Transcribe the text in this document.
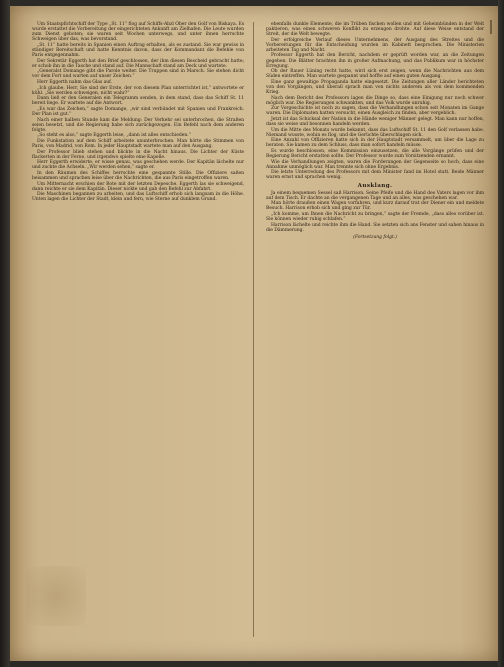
Um Staatspfichtschiff der Type „St. 11“ flog auf Schiffs-Abzl Ober den Golf von Biskaya. Es wurde erstattet die Vorbereitung der eingerichteten Ankunft am Zielhafen. Die Leute wurden zum Dienst geboten; sie waren seit Wochen unterwegs, und unter ihnen herrschte Schweigen über das, was bevorstand.

„St. 11“ hatte bereits in Spanien einen Auftrag erhalten, als es zustand. Sie war gewiss in ständiger Bereitschaft und hatte Kenntnis davon, dass der Kommandant die Befehle von Paris entgegennahm.

Der Sekretär Eggerth hat den Brief geschlossen, der ihm diesen Bescheid gebracht hatte; er schob ihn in die Tasche und stand auf. Die Mannschaft stand am Deck und wartete.

„Generalst Domange gibt die Parole weiter. Die Truppen sind in Marsch. Sie stehen dicht vor dem Fort und warten auf unser Zeichen.“

Herr Eggerth nahm das Glas auf.

„Ich glaube, Herr, Sie sind der Erste, der von diesem Plan unterrichtet ist,“ antwortete er kühl. „Sie werden schweigen, nicht wahr?“

Dann ließ er den Generalen ein Telegramm senden, in dem stand, dass das Schiff St. 11 bereit liege. Er wartete auf die Antwort.

„Es war das Zeichen,“ sagte Domange, „wir sind verbündet mit Spanien und Frankreich. Der Plan ist gut.“

Nach einer halben Stunde kam die Meldung: Der Verkehr sei unterbrochen, die Straßen seien besetzt, und die Regierung habe sich zurückgezogen. Ein Befehl nach dem anderen folgte.

„So steht es also,“ sagte Eggerth leise, „dann ist alles entschieden.“

Die Funkstation auf dem Schiff arbeitete ununterbrochen. Man hörte die Stimmen von Paris, von Madrid, von Rom. In jeder Hauptstadt wartete man auf den Ausgang.

Der Professor blieb stehen und blickte in die Nacht hinaus. Die Lichter der Küste flackerten in der Ferne, und irgendwo spielte eine Kapelle.

Herr Eggerth erwiderte, er wisse genau, was geschehen werde. Der Kapitän lächelte nur und zuckte die Achseln. „Wir werden sehen,“ sagte er.

In den Räumen des Schiffes herrschte eine gespannte Stille. Die Offiziere saßen beisammen und sprachen leise über die Nachrichten, die aus Paris eingetroffen waren.

Um Mitternacht erschien der Bote mit der letzten Depesche. Eggerth las sie schweigend, dann reichte er sie dem Kapitän. Dieser nickte und gab den Befehl zur Abfahrt.

Die Maschinen begannen zu arbeiten, und das Luftschiff erhob sich langsam in die Höhe. Unten lagen die Lichter der Stadt, klein und fern, wie Sterne auf dunklem Grund.

ebenfalls dunkle Elemente, die im Trüben fischen wollen und mit Geheimbünden in der Welt paktieren, was einen schweren Konflikt zu erzeugen drohte. Auf diese Weise entstand der Streit, der die Welt bewegte.

Der erfolgreiche Verlauf dieses Unternehmens, der Ausgang des Streites und die Vorbereitungen für die Entscheidung wurden im Kabinett besprochen. Die Ministerien arbeiteten Tag und Nacht.

Professor Eggerth hat den Bericht, nachdem er geprüft worden war, an die Zeitungen gegeben. Die Blätter brachten ihn in großer Aufmachung, und das Publikum war in höchster Erregung.

Ob der Bauer Lüning recht hatte, wird sich erst zeigen, wenn die Nachrichten aus dem Süden eintreffen. Man wartete gespannt und hoffte auf einen guten Ausgang.

Eine ganz gewaltige Propaganda hatte eingesetzt. Die Zeitungen aller Länder berichteten von den Vorgängen, und überall sprach man von nichts anderem als von dem kommenden Krieg.

Nach dem Bericht des Professors lagen die Dinge so, dass eine Einigung nur noch schwer möglich war. Die Regierungen schwankten, und das Volk wurde unruhig.

Zur Vorgeschichte ist noch zu sagen, dass die Verhandlungen schon seit Monaten im Gange waren. Die Diplomaten hatten versucht, einen Ausgleich zu finden, aber vergeblich.

Jetzt ist das Schicksal der Nation in die Hände weniger Männer gelegt. Man kann nur hoffen, dass sie weise und besonnen handeln werden.

Um die Mitte des Monats wurde bekannt, dass das Luftschiff St. 11 den Golf verlassen habe. Niemand wusste, wohin es flog, und die Gerüchte überschlugen sich.

Eine Anzahl von Offizieren hatte sich in der Hauptstadt versammelt, um über die Lage zu beraten. Sie kamen zu dem Schluss, dass man sofort handeln müsse.

Es wurde beschlossen, eine Kommission einzusetzen, die alle Vorgänge prüfen und der Regierung Bericht erstatten sollte. Der Professor wurde zum Vorsitzenden ernannt.

Wie die Verhandlungen zeigten, waren die Forderungen der Gegenseite so hoch, dass eine Annahme unmöglich war. Man trennte sich ohne Ergebnis.

Die letzte Unterredung des Professors mit dem Minister fand im Hotel statt. Beide Männer waren ernst und sprachen wenig.

Ausklang.

Ja einem bequemen Sessel saß Harrison. Seine Pfeife und die Hand des Vaters lagen vor ihm auf dem Tisch. Er dachte an die vergangenen Tage und an alles, was geschehen war.

Man hörte draußen einen Wagen vorfahren, und kurz darauf trat der Diener ein und meldete Besuch. Harrison erhob sich und ging zur Tür.

„Ich komme, um Ihnen die Nachricht zu bringen,“ sagte der Fremde, „dass alles vorüber ist. Sie können wieder ruhig schlafen.“

Harrison lächelte und reichte ihm die Hand. Sie setzten sich ans Fenster und sahen hinaus in die Dämmerung.

(Fortsetzung folgt.)
